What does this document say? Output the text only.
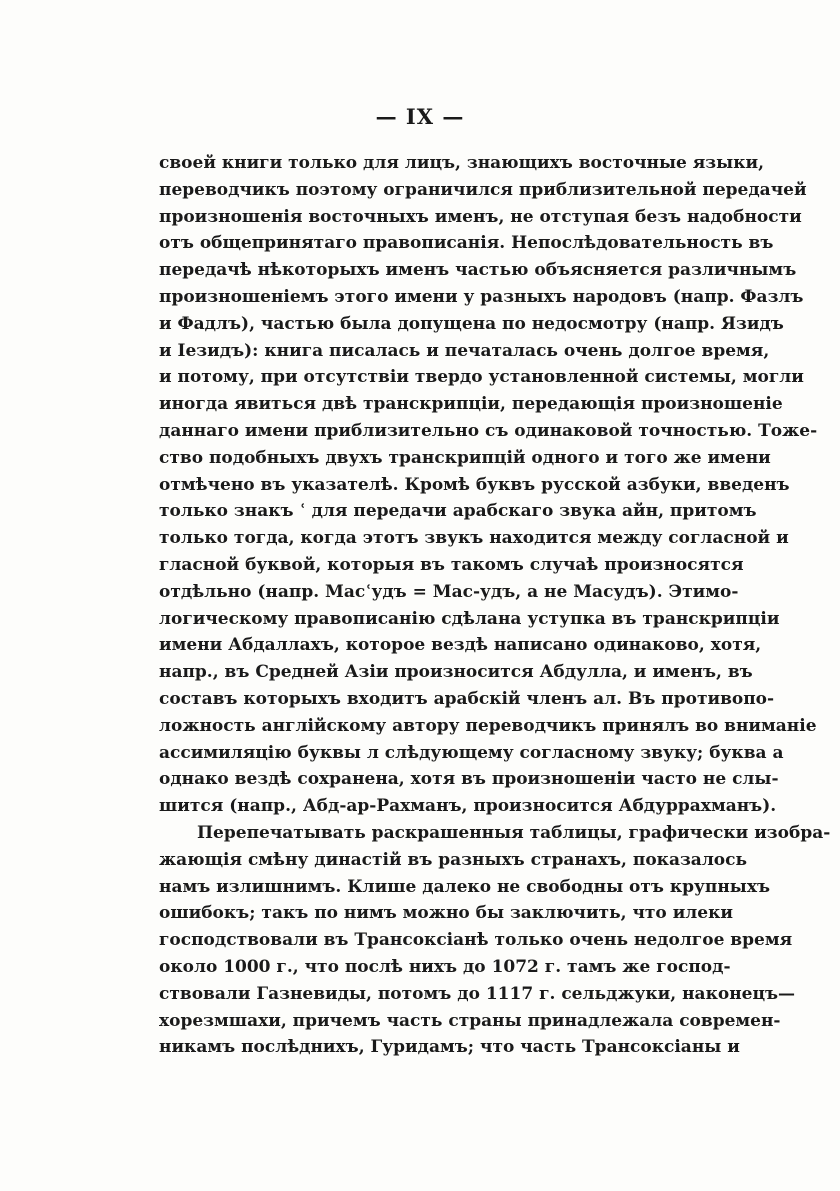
— IX —
своей книги только для лицъ, знающихъ восточные языки,
переводчикъ поэтому ограничился приблизительной передачей
произношенія восточныхъ именъ, не отступая безъ надобности
отъ общепринятаго правописанія. Непослѣдовательность въ
передачѣ нѣкоторыхъ именъ частью объясняется различнымъ
произношеніемъ этого имени у разныхъ народовъ (напр. Фазлъ
и Фадлъ), частью была допущена по недосмотру (напр. Язидъ
и Іезидъ): книга писалась и печаталась очень долгое время,
и потому, при отсутствіи твердо установленной системы, могли
иногда явиться двѣ транскрипціи, передающія произношеніе
даннаго имени приблизительно съ одинаковой точностью. Тоже-
ство подобныхъ двухъ транскрипцій одного и того же имени
отмѣчено въ указателѣ. Кромѣ буквъ русской азбуки, введенъ
только знакъ ʿ для передачи арабскаго звука айн, притомъ
только тогда, когда этотъ звукъ находится между согласной и
гласной буквой, которыя въ такомъ случаѣ произносятся
отдѣльно (напр. Масʿудъ = Мас-удъ, а не Масудъ). Этимо-
логическому правописанію сдѣлана уступка въ транскрипціи
имени Абдаллахъ, которое вездѣ написано одинаково, хотя,
напр., въ Средней Азіи произносится Абдулла, и именъ, въ
составъ которыхъ входитъ арабскій членъ ал. Въ противопо-
ложность англійскому автору переводчикъ принялъ во вниманіе
ассимиляцію буквы л слѣдующему согласному звуку; буква а
однако вездѣ сохранена, хотя въ произношеніи часто не слы-
шится (напр., Абд-ар-Рахманъ, произносится Абдуррахманъ).
Перепечатывать раскрашенныя таблицы, графически изобра-
жающія смѣну династій въ разныхъ странахъ, показалось
намъ излишнимъ. Клише далеко не свободны отъ крупныхъ
ошибокъ; такъ по нимъ можно бы заключить, что илеки
господствовали въ Трансоксіанѣ только очень недолгое время
около 1000 г., что послѣ нихъ до 1072 г. тамъ же господ-
ствовали Газневиды, потомъ до 1117 г. сельджуки, наконецъ—
хорезмшахи, причемъ часть страны принадлежала современ-
никамъ послѣднихъ, Гуридамъ; что часть Трансоксіаны и
